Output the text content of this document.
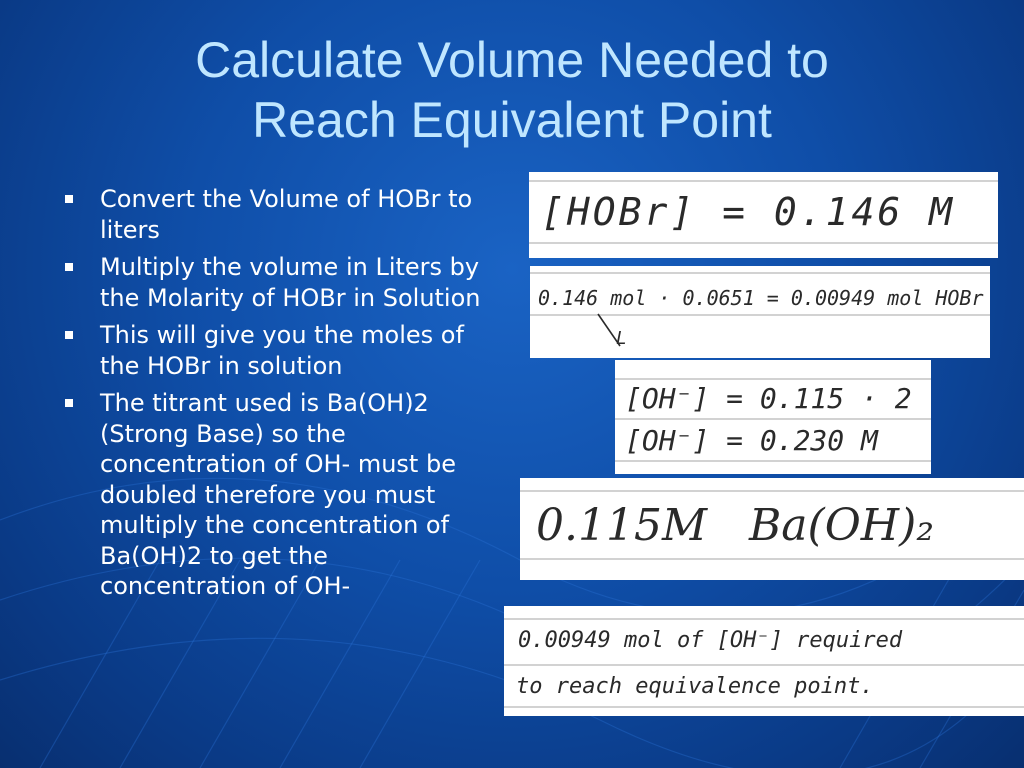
Calculate Volume Needed to
Reach Equivalent Point
Convert the Volume of HOBr to liters
Multiply the volume in Liters by the Molarity of HOBr in Solution
This will give you the moles of the HOBr in solution
The titrant used is Ba(OH)2 (Strong Base) so the concentration of OH- must be doubled therefore you must multiply the concentration of Ba(OH)2 to get the concentration of OH-
[HOBr] = 0.146 M
0.146 mol · 0.0651 = 0.00949 mol HOBr
L
[OH⁻] = 0.115 · 2
[OH⁻] = 0.230 M
0.115M   Ba(OH)₂
0.00949 mol of [OH⁻] required
to reach equivalence point.
